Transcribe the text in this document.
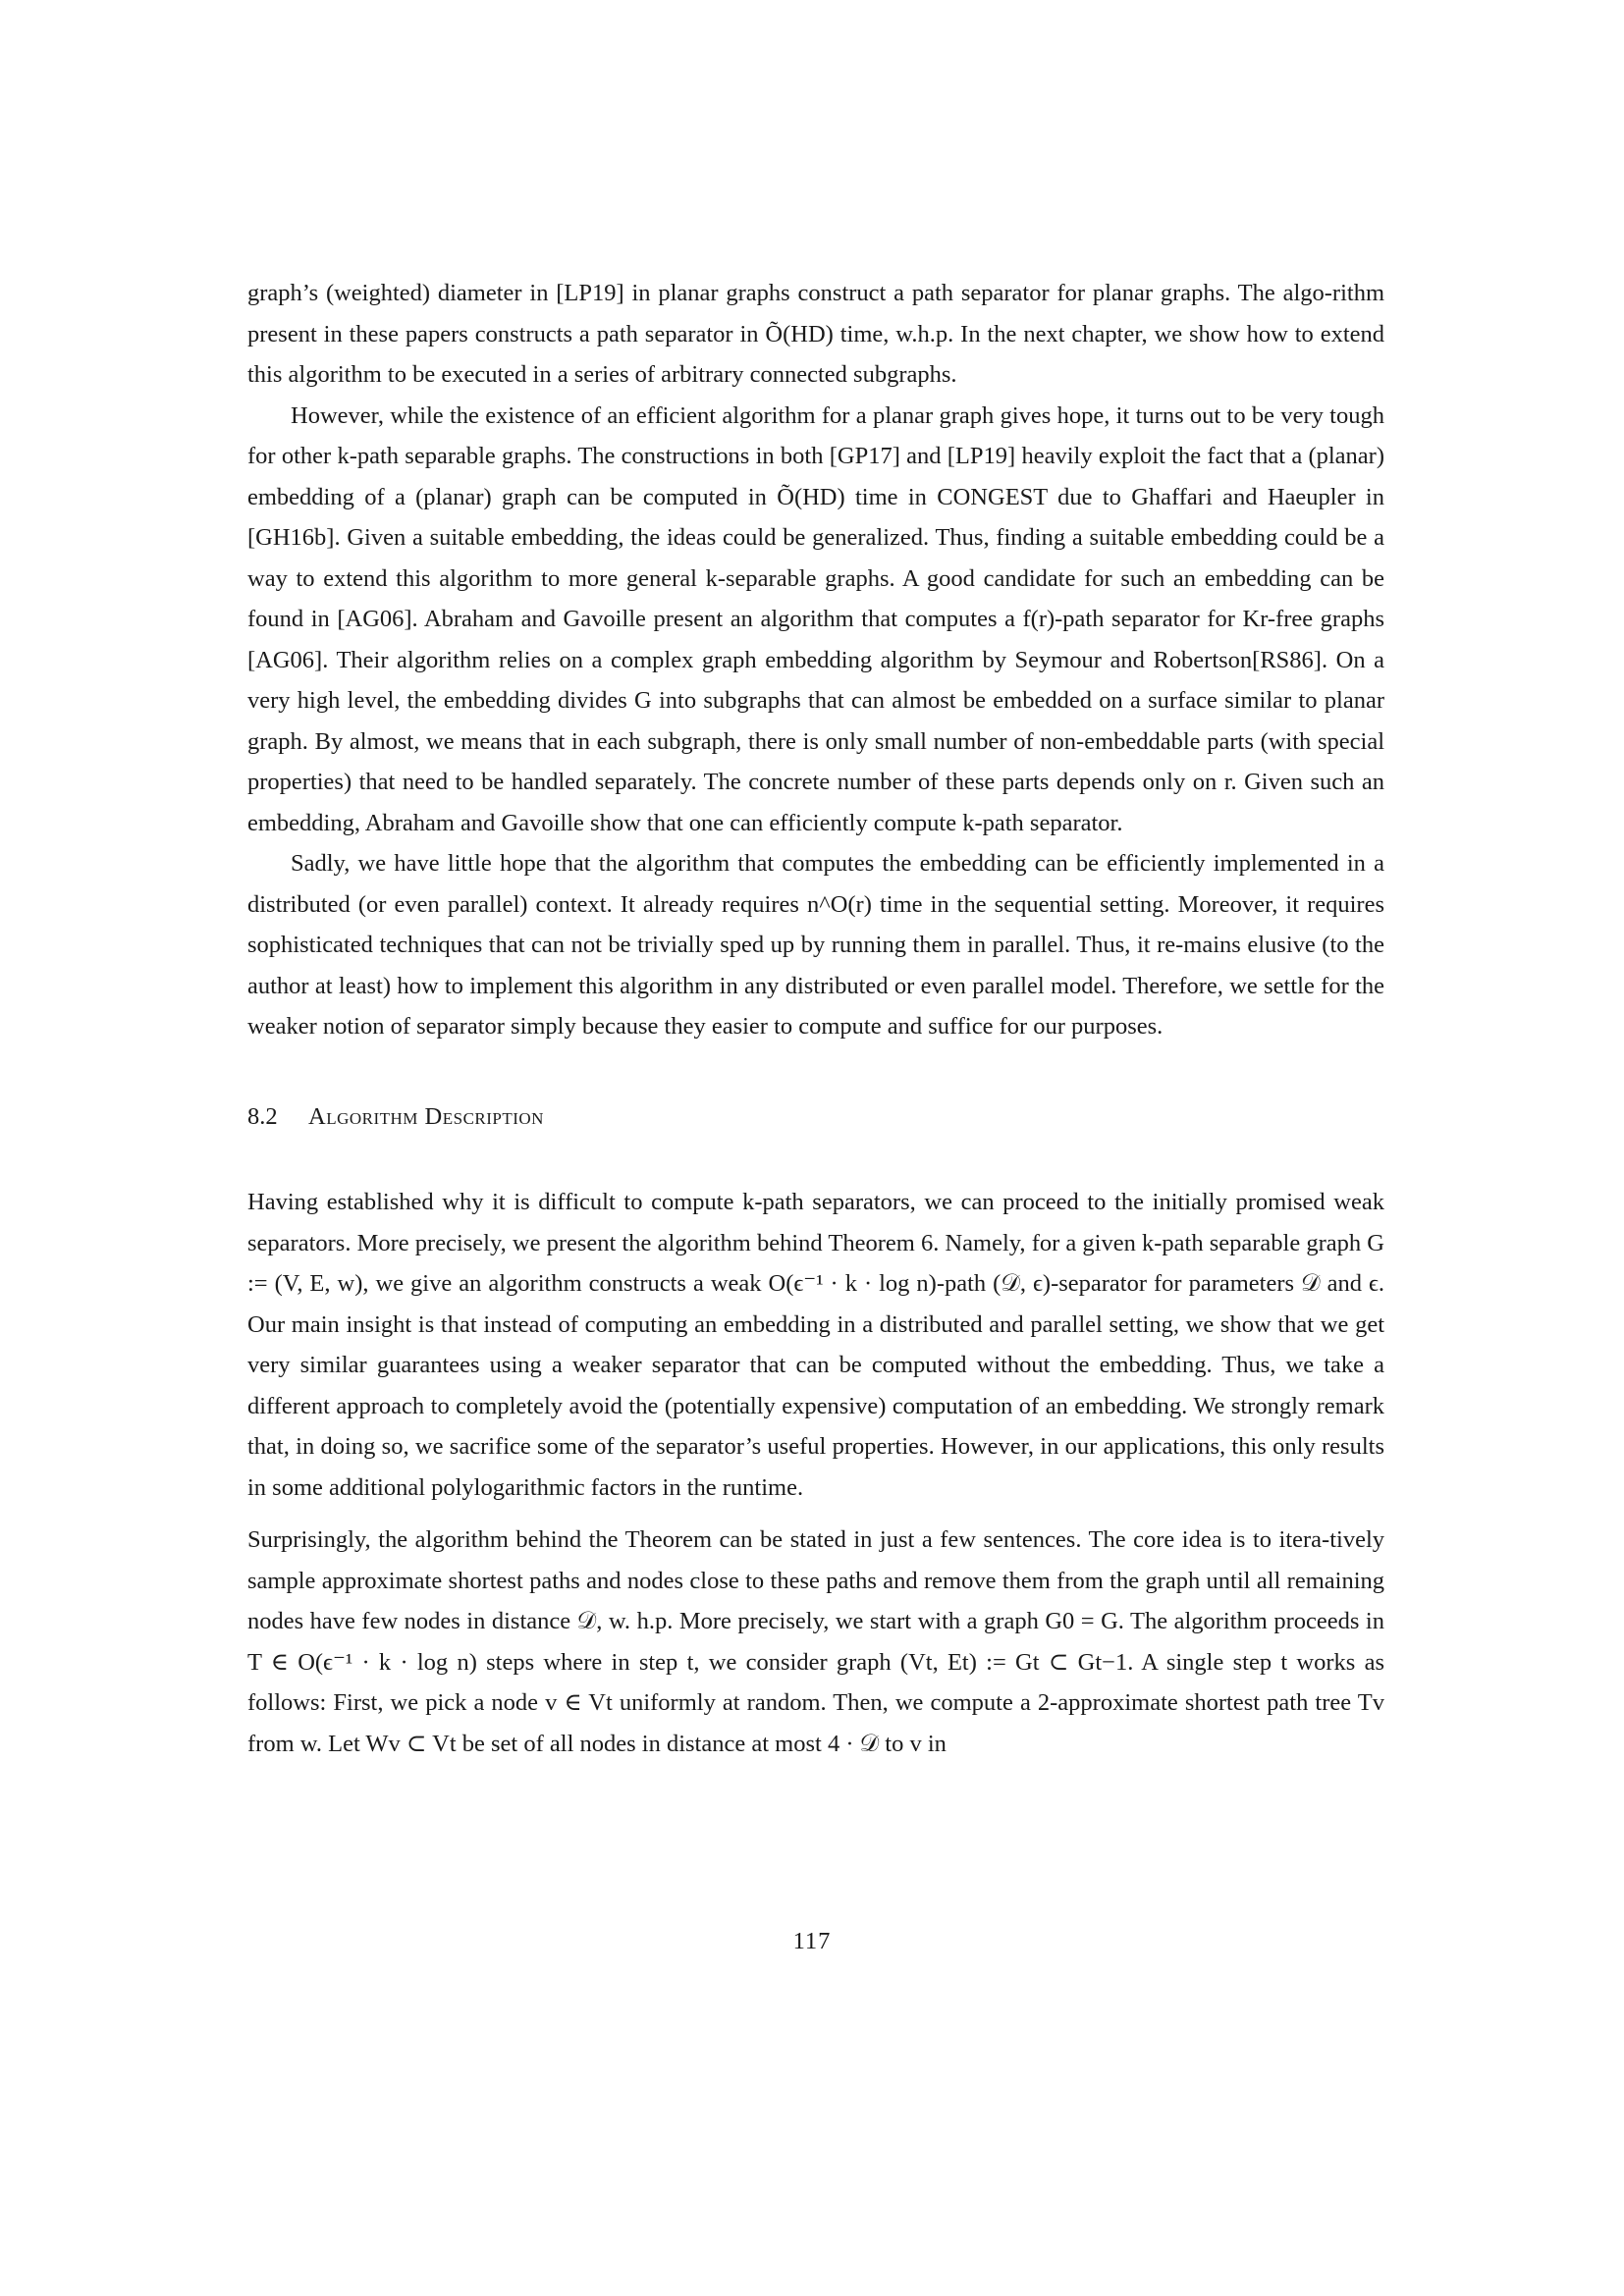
graph’s (weighted) diameter in [LP19] in planar graphs construct a path separator for planar graphs. The algo-rithm present in these papers constructs a path separator in Õ(HD) time, w.h.p. In the next chapter, we show how to extend this algorithm to be executed in a series of arbitrary connected subgraphs.

However, while the existence of an efficient algorithm for a planar graph gives hope, it turns out to be very tough for other k-path separable graphs. The constructions in both [GP17] and [LP19] heavily exploit the fact that a (planar) embedding of a (planar) graph can be computed in Õ(HD) time in CONGEST due to Ghaffari and Haeupler in [GH16b]. Given a suitable embedding, the ideas could be generalized. Thus, finding a suitable embedding could be a way to extend this algorithm to more general k-separable graphs. A good candidate for such an embedding can be found in [AG06]. Abraham and Gavoille present an algorithm that computes a f(r)-path separator for Kr-free graphs [AG06]. Their algorithm relies on a complex graph embedding algorithm by Seymour and Robertson[RS86]. On a very high level, the embedding divides G into subgraphs that can almost be embedded on a surface similar to planar graph. By almost, we means that in each subgraph, there is only small number of non-embeddable parts (with special properties) that need to be handled separately. The concrete number of these parts depends only on r. Given such an embedding, Abraham and Gavoille show that one can efficiently compute k-path separator.

Sadly, we have little hope that the algorithm that computes the embedding can be efficiently implemented in a distributed (or even parallel) context. It already requires n^O(r) time in the sequential setting. Moreover, it requires sophisticated techniques that can not be trivially sped up by running them in parallel. Thus, it re-mains elusive (to the author at least) how to implement this algorithm in any distributed or even parallel model. Therefore, we settle for the weaker notion of separator simply because they easier to compute and suffice for our purposes.

8.2 Algorithm Description

Having established why it is difficult to compute k-path separators, we can proceed to the initially promised weak separators. More precisely, we present the algorithm behind Theorem 6. Namely, for a given k-path separable graph G := (V, E, w), we give an algorithm constructs a weak O(ϵ⁻¹ · k · log n)-path (𝒟, ϵ)-separator for parameters 𝒟 and ϵ. Our main insight is that instead of computing an embedding in a distributed and parallel setting, we show that we get very similar guarantees using a weaker separator that can be computed without the embedding. Thus, we take a different approach to completely avoid the (potentially expensive) computation of an embedding. We strongly remark that, in doing so, we sacrifice some of the separator’s useful properties. However, in our applications, this only results in some additional polylogarithmic factors in the runtime.

Surprisingly, the algorithm behind the Theorem can be stated in just a few sentences. The core idea is to itera-tively sample approximate shortest paths and nodes close to these paths and remove them from the graph until all remaining nodes have few nodes in distance 𝒟, w. h.p. More precisely, we start with a graph G0 = G. The algorithm proceeds in T ∈ O(ϵ⁻¹ · k · log n) steps where in step t, we consider graph (Vt, Et) := Gt ⊂ Gt−1. A single step t works as follows: First, we pick a node v ∈ Vt uniformly at random. Then, we compute a 2-approximate shortest path tree Tv from w. Let Wv ⊂ Vt be set of all nodes in distance at most 4 · 𝒟 to v in

117
